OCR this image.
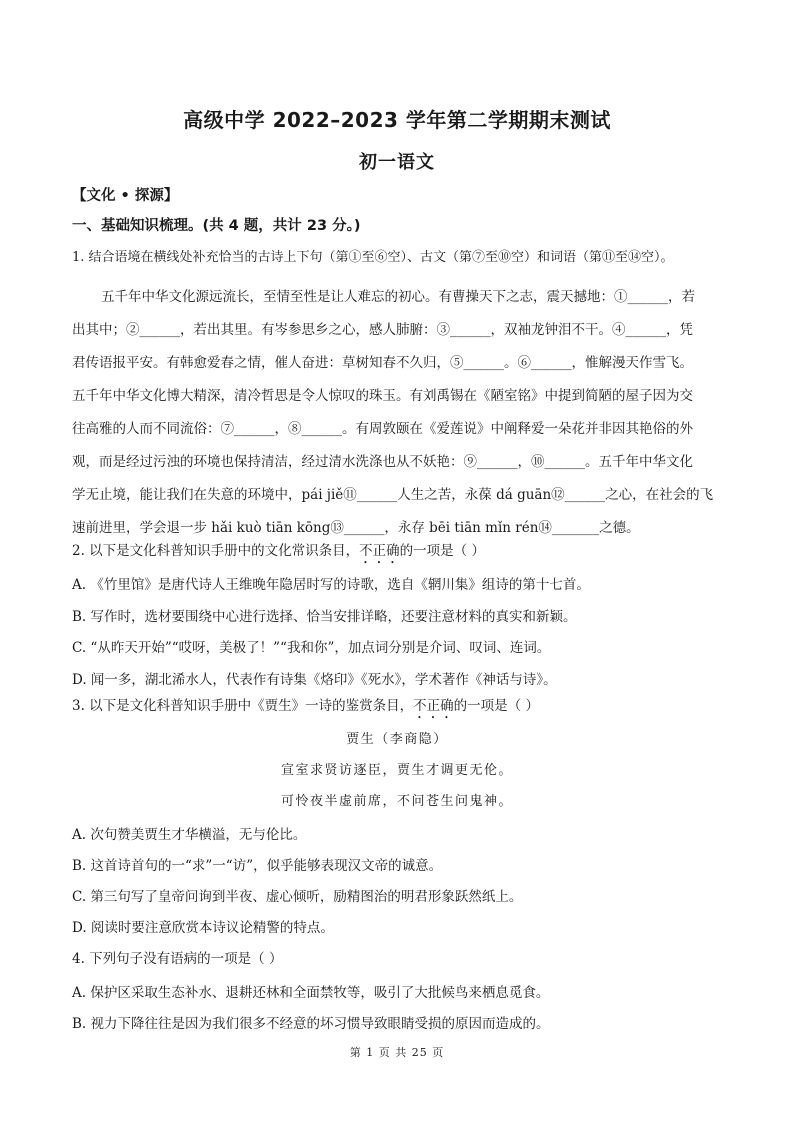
高级中学 2022–2023 学年第二学期期末测试
初一语文
【文化 • 探源】
一、基础知识梳理。(共 4 题，共计 23 分。)
1. 结合语境在横线处补充恰当的古诗上下句（第①至⑥空）、古文（第⑦至⑩空）和词语（第⑪至⑭空）。
五千年中华文化源远流长，至情至性是让人难忘的初心。有曹操天下之志，震天撼地：①______，若
出其中；②______，若出其里。有岑参思乡之心，感人肺腑：③______，双袖龙钟泪不干。④______，凭
君传语报平安。有韩愈爱春之情，催人奋进：草树知春不久归，⑤______。⑥______，惟解漫天作雪飞。
五千年中华文化博大精深，清冷哲思是令人惊叹的珠玉。有刘禹锡在《陋室铭》中提到简陋的屋子因为交
往高雅的人而不同流俗：⑦______，⑧______。有周敦颐在《爱莲说》中阐释爱一朵花并非因其艳俗的外
观，而是经过污浊的环境也保持清洁，经过清水洗涤也从不妖艳：⑨______，⑩______。五千年中华文化
学无止境，能让我们在失意的环境中，pái jiě⑪______人生之苦，永葆 dá guān⑫______之心，在社会的飞
速前进里，学会退一步 hǎi kuò tiān kōng⑬______，永存 bēi tiān mǐn rén⑭_______之德。
2. 以下是文化科普知识手册中的文化常识条目，不正确的一项是（ ）
A. 《竹里馆》是唐代诗人王维晚年隐居时写的诗歌，选自《辋川集》组诗的第十七首。
B. 写作时，选材要围绕中心进行选择、恰当安排详略，还要注意材料的真实和新颖。
C. “从昨天开始”“哎呀，美极了！”“我和你”，加点词分别是介词、叹词、连词。
D. 闻一多，湖北浠水人，代表作有诗集《烙印》《死水》，学术著作《神话与诗》。
3. 以下是文化科普知识手册中《贾生》一诗的鉴赏条目，不正确的一项是（ ）
贾生（李商隐）
宣室求贤访逐臣，贾生才调更无伦。
可怜夜半虚前席，不问苍生问鬼神。
A. 次句赞美贾生才华横溢，无与伦比。
B. 这首诗首句的一“求”一“访”，似乎能够表现汉文帝的诚意。
C. 第三句写了皇帝问询到半夜、虚心倾听，励精图治的明君形象跃然纸上。
D. 阅读时要注意欣赏本诗议论精警的特点。
4. 下列句子没有语病的一项是（ ）
A. 保护区采取生态补水、退耕还林和全面禁牧等，吸引了大批候鸟来栖息觅食。
B. 视力下降往往是因为我们很多不经意的坏习惯导致眼睛受损的原因而造成的。
第 1 页 共 25 页
